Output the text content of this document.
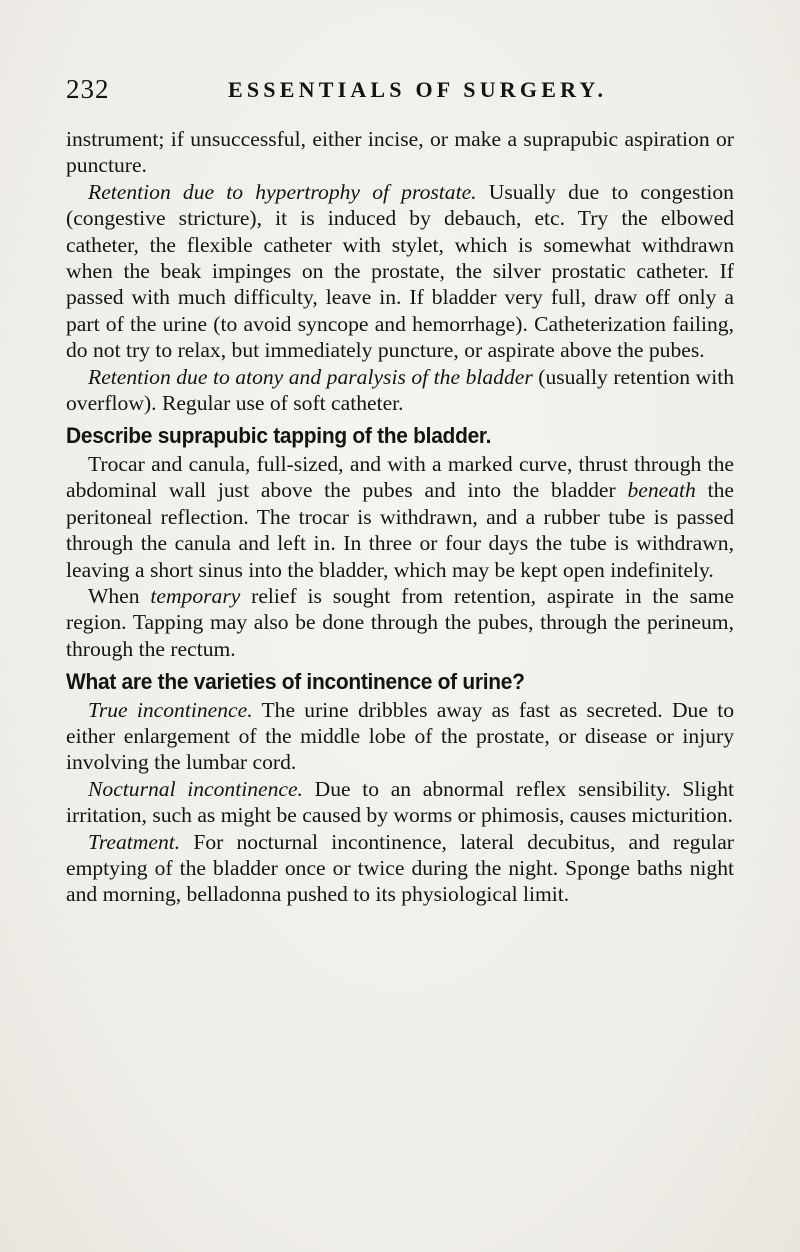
232	ESSENTIALS OF SURGERY.

instrument; if unsuccessful, either incise, or make a suprapubic aspiration or puncture.

Retention due to hypertrophy of prostate. Usually due to congestion (congestive stricture), it is induced by debauch, etc. Try the elbowed catheter, the flexible catheter with stylet, which is somewhat withdrawn when the beak impinges on the prostate, the silver prostatic catheter. If passed with much difficulty, leave in. If bladder very full, draw off only a part of the urine (to avoid syncope and hemorrhage). Catheterization failing, do not try to relax, but immediately puncture, or aspirate above the pubes.

Retention due to atony and paralysis of the bladder (usually retention with overflow). Regular use of soft catheter.

Describe suprapubic tapping of the bladder.

Trocar and canula, full-sized, and with a marked curve, thrust through the abdominal wall just above the pubes and into the bladder beneath the peritoneal reflection. The trocar is withdrawn, and a rubber tube is passed through the canula and left in. In three or four days the tube is withdrawn, leaving a short sinus into the bladder, which may be kept open indefinitely.

When temporary relief is sought from retention, aspirate in the same region. Tapping may also be done through the pubes, through the perineum, through the rectum.

What are the varieties of incontinence of urine?

True incontinence. The urine dribbles away as fast as secreted. Due to either enlargement of the middle lobe of the prostate, or disease or injury involving the lumbar cord.

Nocturnal incontinence. Due to an abnormal reflex sensibility. Slight irritation, such as might be caused by worms or phimosis, causes micturition.

Treatment. For nocturnal incontinence, lateral decubitus, and regular emptying of the bladder once or twice during the night. Sponge baths night and morning, belladonna pushed to its physiological limit.
